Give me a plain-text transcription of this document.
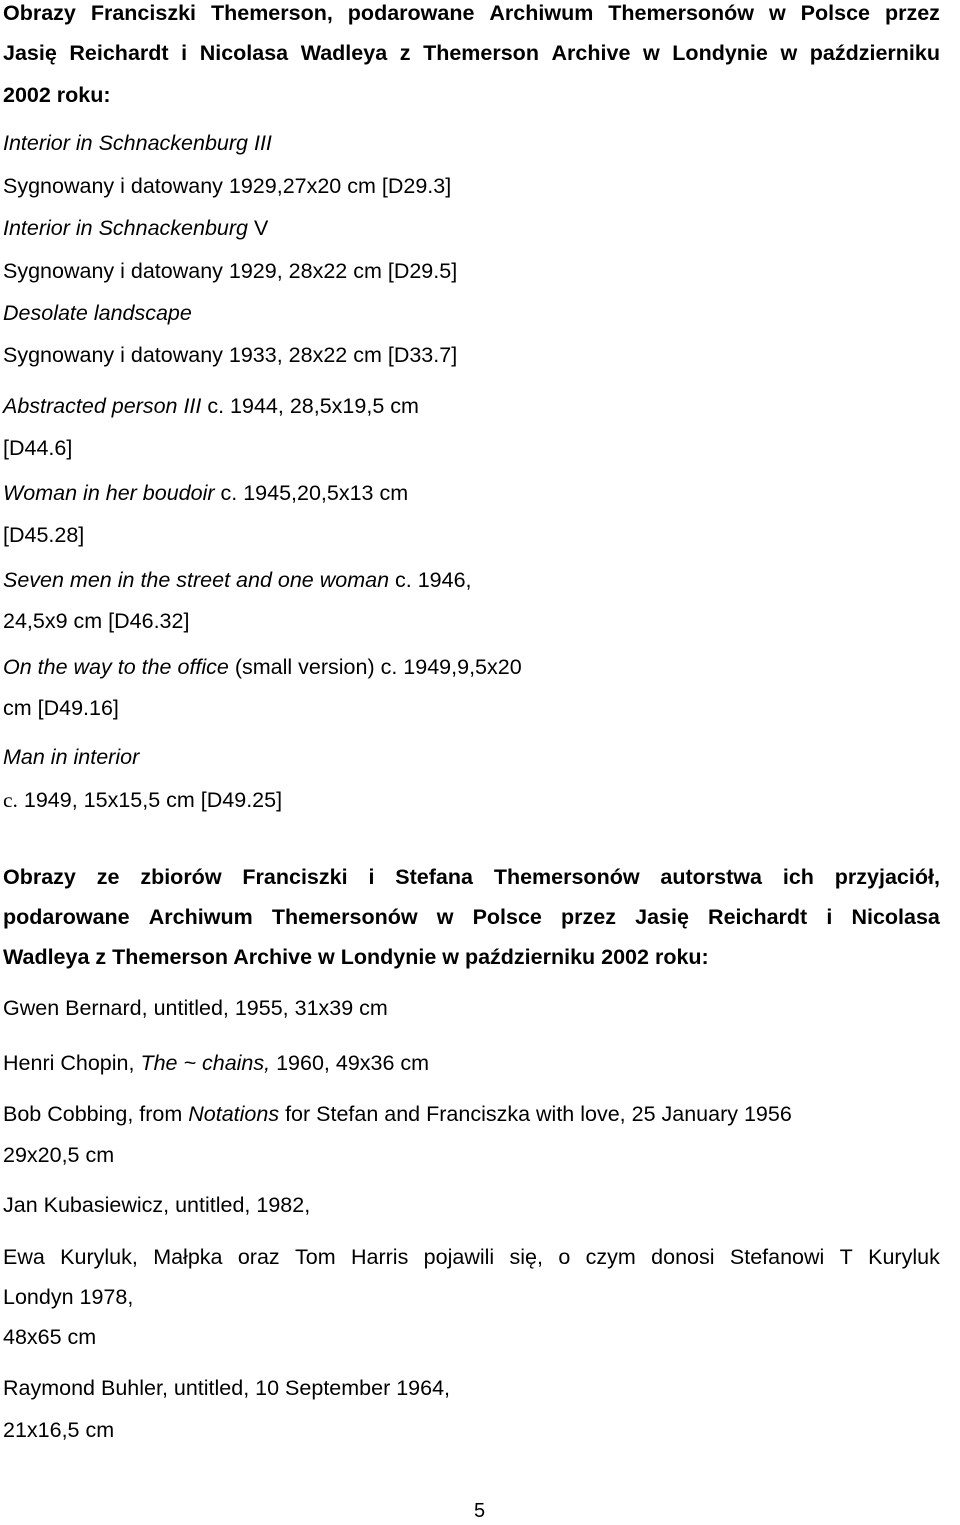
Obrazy Franciszki Themerson, podarowane Archiwum Themersonów w Polsce przez
Jasię Reichardt i Nicolasa Wadleya z Themerson Archive w Londynie w październiku
2002 roku:
Interior in Schnackenburg III
Sygnowany i datowany 1929,27x20 cm [D29.3]
Interior in Schnackenburg V
Sygnowany i datowany 1929, 28x22 cm [D29.5]
Desolate landscape
Sygnowany i datowany 1933, 28x22 cm [D33.7]
Abstracted person III c. 1944, 28,5x19,5 cm
[D44.6]
Woman in her boudoir c. 1945,20,5x13 cm
[D45.28]
Seven men in the street and one woman c. 1946,
24,5x9 cm [D46.32]
On the way to the office (small version) c. 1949,9,5x20
cm [D49.16]
Man in interior
c. 1949, 15x15,5 cm [D49.25]
Obrazy ze zbiorów Franciszki i Stefana Themersonów autorstwa ich przyjaciół,
podarowane Archiwum Themersonów w Polsce przez Jasię Reichardt i Nicolasa
Wadleya z Themerson Archive w Londynie w październiku 2002 roku:
Gwen Bernard, untitled, 1955, 31x39 cm
Henri Chopin, The ~ chains, 1960, 49x36 cm
Bob Cobbing, from Notations for Stefan and Franciszka with love, 25 January 1956
29x20,5 cm
Jan Kubasiewicz, untitled, 1982,
Ewa Kuryluk, Małpka oraz Tom Harris pojawili się, o czym donosi Stefanowi T Kuryluk
Londyn 1978,
48x65 cm
Raymond Buhler, untitled, 10 September 1964,
21x16,5 cm
5
